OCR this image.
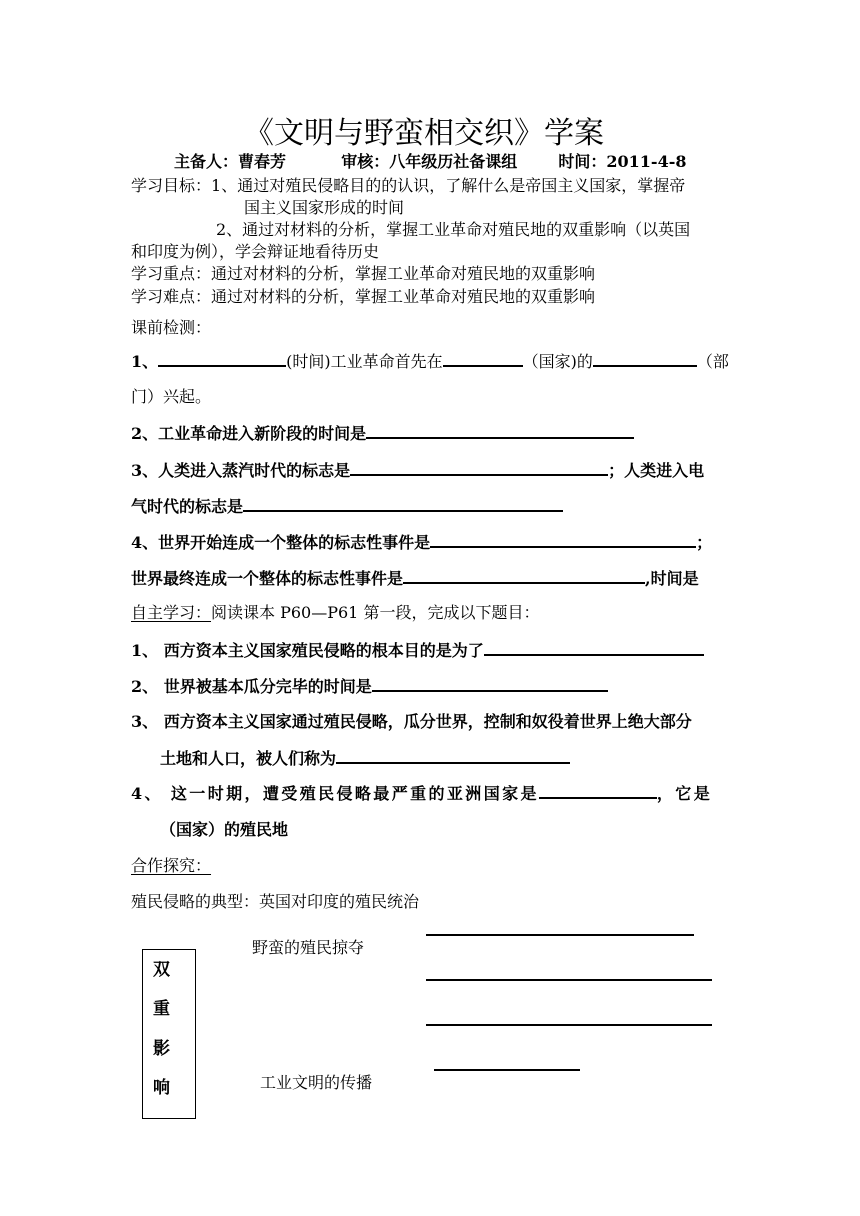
《文明与野蛮相交织》学案
主备人：曹春芳	审核：八年级历社备课组	时间：2011-4-8
学习目标：1、通过对殖民侵略目的的认识，了解什么是帝国主义国家，掌握帝
国主义国家形成的时间
2、通过对材料的分析，掌握工业革命对殖民地的双重影响（以英国
和印度为例），学会辩证地看待历史
学习重点：通过对材料的分析，掌握工业革命对殖民地的双重影响
学习难点：通过对材料的分析，掌握工业革命对殖民地的双重影响
课前检测：
1、	(时间)工业革命首先在	（国家)的	（部
门）兴起。
2、工业革命进入新阶段的时间是
3、人类进入蒸汽时代的标志是	；人类进入电
气时代的标志是
4、世界开始连成一个整体的标志性事件是	；
世界最终连成一个整体的标志性事件是	,时间是
自主学习：阅读课本 P60—P61 第一段，完成以下题目：
1、 西方资本主义国家殖民侵略的根本目的是为了
2、 世界被基本瓜分完毕的时间是
3、 西方资本主义国家通过殖民侵略，瓜分世界，控制和奴役着世界上绝大部分
土地和人口，被人们称为
4、 这一时期，遭受殖民侵略最严重的亚洲国家是	，它是
（国家）的殖民地
合作探究：
殖民侵略的典型：英国对印度的殖民统治
双
重
影
响
野蛮的殖民掠夺
工业文明的传播
